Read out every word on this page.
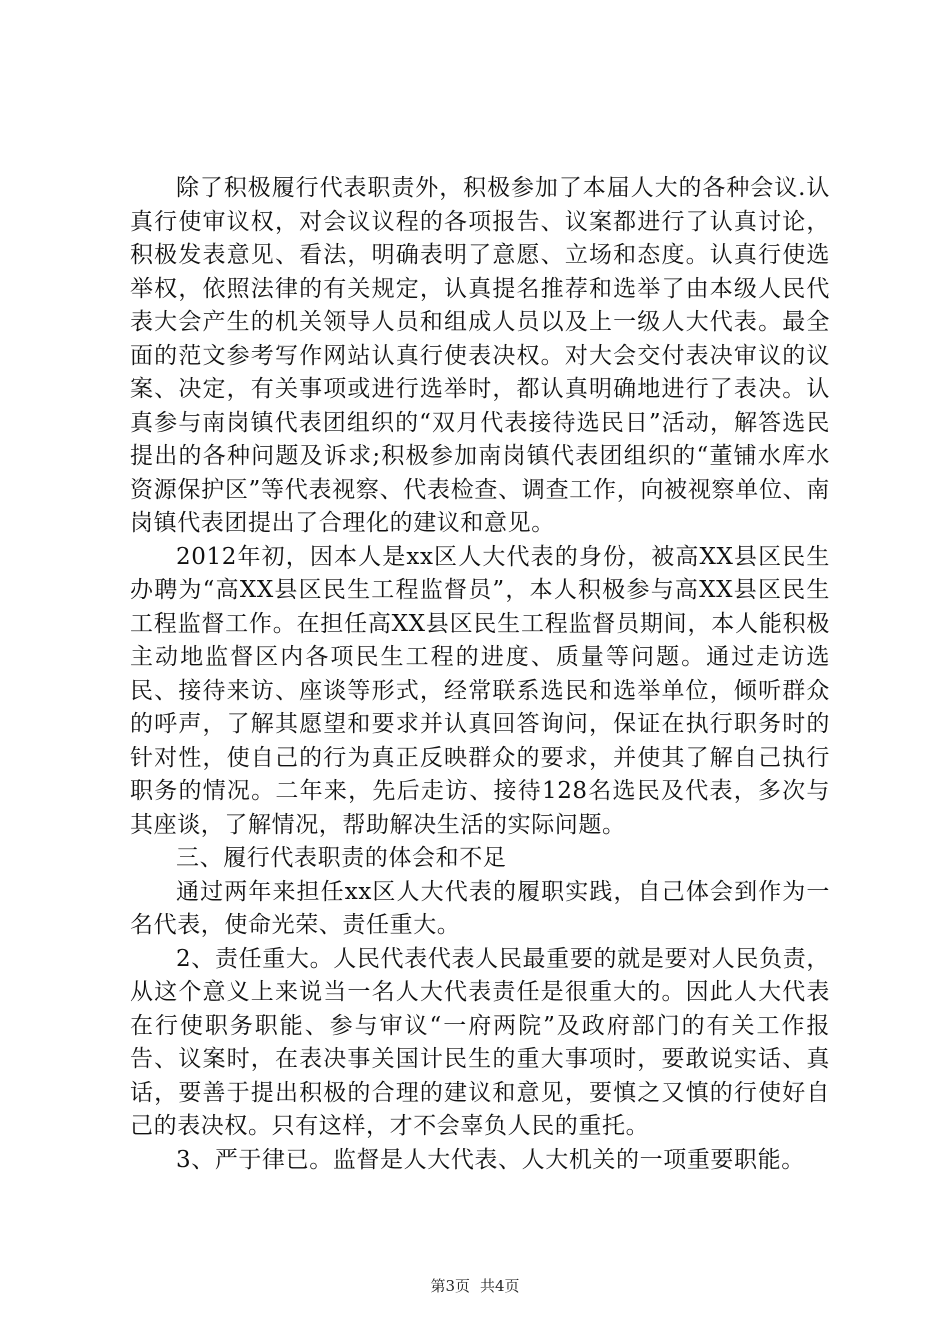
除了积极履行代表职责外，积极参加了本届人大的各种会议.认真行使审议权，对会议议程的各项报告、议案都进行了认真讨论，积极发表意见、看法，明确表明了意愿、立场和态度。认真行使选举权，依照法律的有关规定，认真提名推荐和选举了由本级人民代表大会产生的机关领导人员和组成人员以及上一级人大代表。最全面的范文参考写作网站认真行使表决权。对大会交付表决审议的议案、决定，有关事项或进行选举时，都认真明确地进行了表决。认真参与南岗镇代表团组织的“双月代表接待选民日”活动，解答选民提出的各种问题及诉求;积极参加南岗镇代表团组织的“董铺水库水资源保护区”等代表视察、代表检查、调查工作，向被视察单位、南岗镇代表团提出了合理化的建议和意见。

2012年初，因本人是xx区人大代表的身份，被高XX县区民生办聘为“高XX县区民生工程监督员”，本人积极参与高XX县区民生工程监督工作。在担任高XX县区民生工程监督员期间，本人能积极主动地监督区内各项民生工程的进度、质量等问题。通过走访选民、接待来访、座谈等形式，经常联系选民和选举单位，倾听群众的呼声，了解其愿望和要求并认真回答询问，保证在执行职务时的针对性，使自己的行为真正反映群众的要求，并使其了解自己执行职务的情况。二年来，先后走访、接待128名选民及代表，多次与其座谈，了解情况，帮助解决生活的实际问题。

三、履行代表职责的体会和不足

通过两年来担任xx区人大代表的履职实践，自己体会到作为一名代表，使命光荣、责任重大。

2、责任重大。人民代表代表人民最重要的就是要对人民负责，从这个意义上来说当一名人大代表责任是很重大的。因此人大代表在行使职务职能、参与审议“一府两院”及政府部门的有关工作报告、议案时，在表决事关国计民生的重大事项时，要敢说实话、真话，要善于提出积极的合理的建议和意见，要慎之又慎的行使好自己的表决权。只有这样，才不会辜负人民的重托。

3、严于律已。监督是人大代表、人大机关的一项重要职能。

第3页 共4页
